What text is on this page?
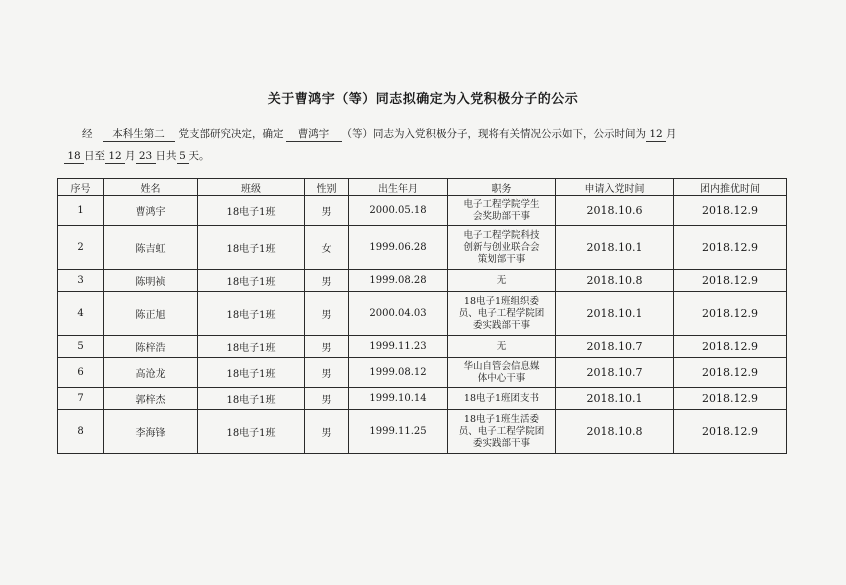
关于曹鸿宇（等）同志拟确定为入党积极分子的公示
经 本科生第二 党支部研究决定，确定 曹鸿宇 （等）同志为入党积极分子，现将有关情况公示如下，公示时间为 12 月
18 日至 12 月 23 日共 5 天。
序号	姓名	班级	性别	出生年月	职务	申请入党时间	团内推优时间
1	曹鸿宇	18电子1班	男	2000.05.18	电子工程学院学生
会奖助部干事	2018.10.6	2018.12.9
2	陈吉虹	18电子1班	女	1999.06.28	电子工程学院科技
创新与创业联合会
策划部干事	2018.10.1	2018.12.9
3	陈明祯	18电子1班	男	1999.08.28	无	2018.10.8	2018.12.9
4	陈正旭	18电子1班	男	2000.04.03	18电子1班组织委
员、电子工程学院团
委实践部干事	2018.10.1	2018.12.9
5	陈梓浩	18电子1班	男	1999.11.23	无	2018.10.7	2018.12.9
6	高沧龙	18电子1班	男	1999.08.12	华山自管会信息媒
体中心干事	2018.10.7	2018.12.9
7	郭梓杰	18电子1班	男	1999.10.14	18电子1班团支书	2018.10.1	2018.12.9
8	李海锋	18电子1班	男	1999.11.25	18电子1班生活委
员、电子工程学院团
委实践部干事	2018.10.8	2018.12.9
